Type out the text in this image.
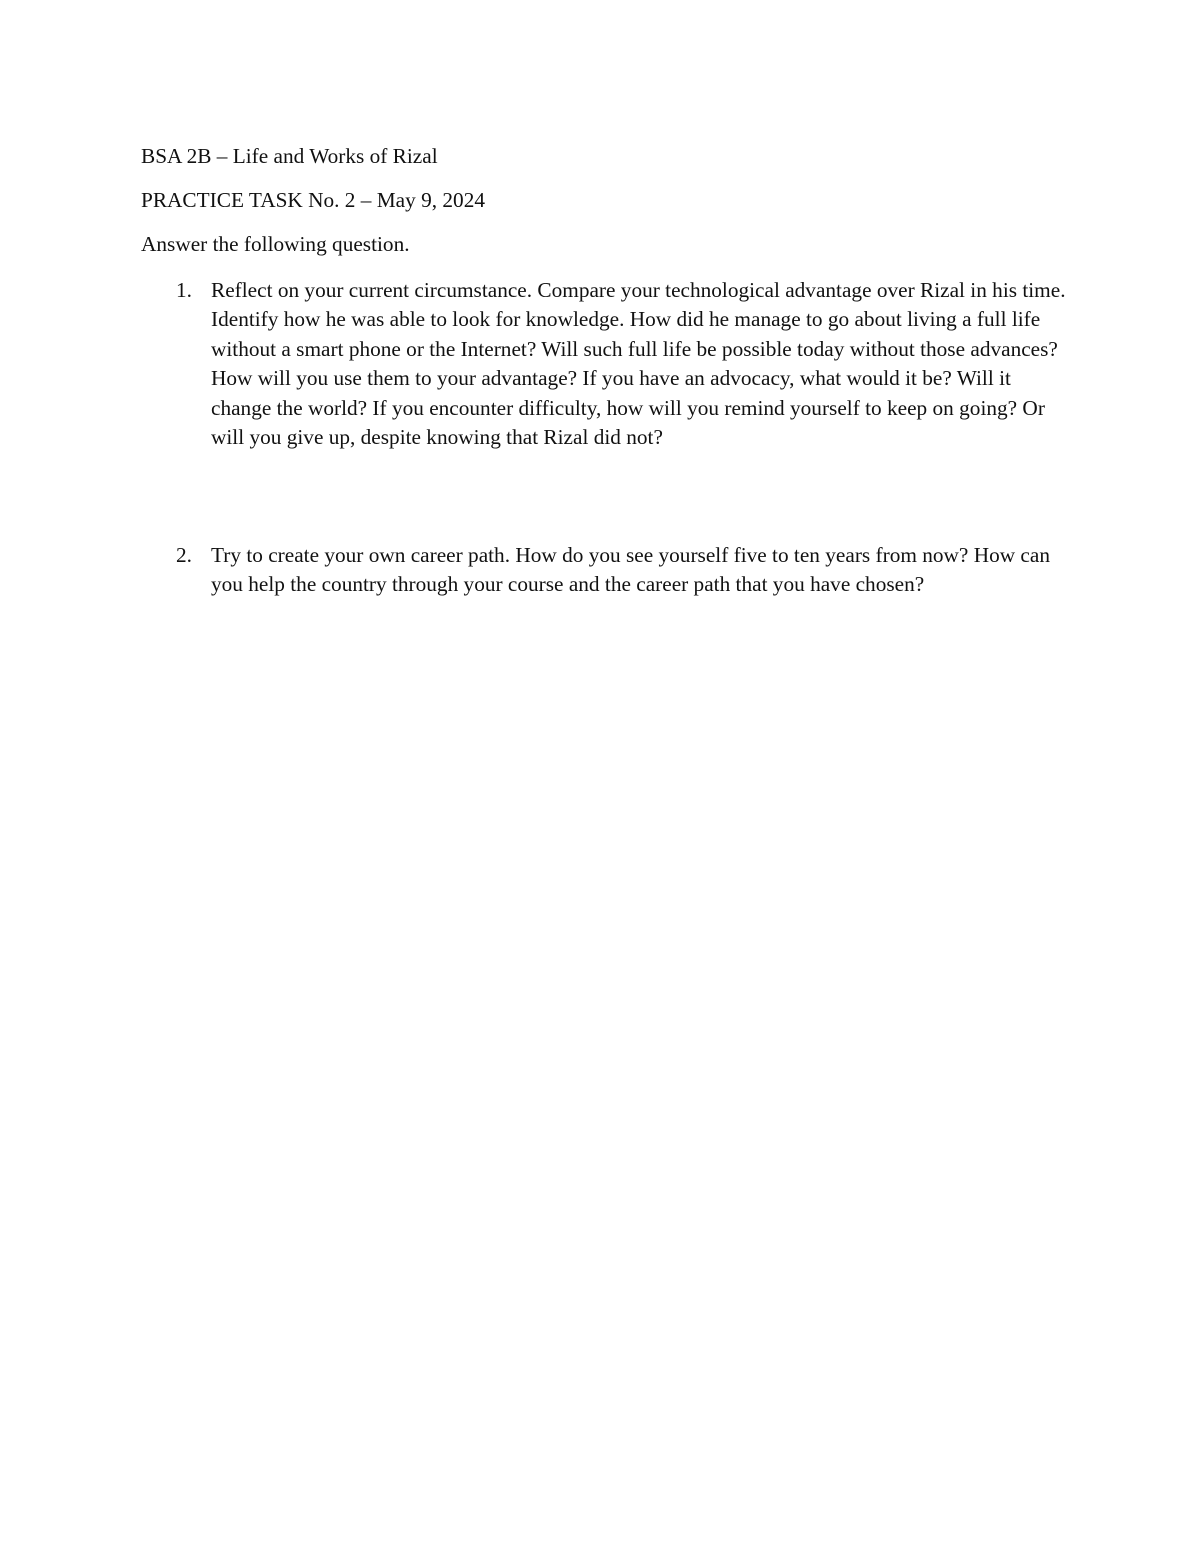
BSA 2B – Life and Works of Rizal
PRACTICE TASK No. 2 – May 9, 2024
Answer the following question.
1. Reflect on your current circumstance. Compare your technological advantage over Rizal in his time. Identify how he was able to look for knowledge. How did he manage to go about living a full life without a smart phone or the Internet? Will such full life be possible today without those advances? How will you use them to your advantage? If you have an advocacy, what would it be? Will it change the world? If you encounter difficulty, how will you remind yourself to keep on going? Or will you give up, despite knowing that Rizal did not?
2. Try to create your own career path. How do you see yourself five to ten years from now? How can you help the country through your course and the career path that you have chosen?
